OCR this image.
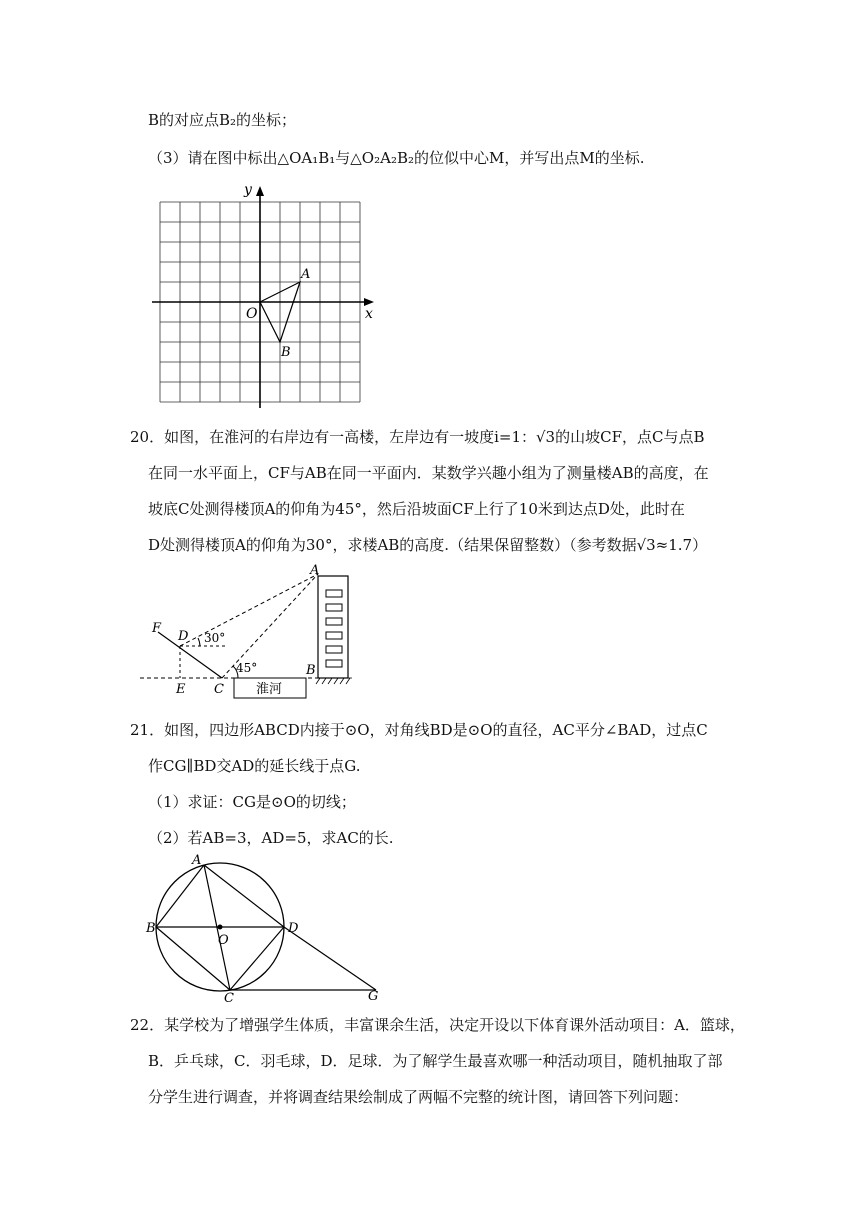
B的对应点B₂的坐标；
（3）请在图中标出△OA₁B₁与△O₂A₂B₂的位似中心M，并写出点M的坐标.
y
x
O
A
B
20．如图，在淮河的右岸边有一高楼，左岸边有一坡度i=1：√3的山坡CF，点C与点B
在同一水平面上，CF与AB在同一平面内．某数学兴趣小组为了测量楼AB的高度，在
坡底C处测得楼顶A的仰角为45°，然后沿坡面CF上行了10米到达点D处，此时在
D处测得楼顶A的仰角为30°，求楼AB的高度.（结果保留整数）（参考数据√3≈1.7）
淮河
F
D
E C
B
A
30°
45°
21．如图，四边形ABCD内接于⊙O，对角线BD是⊙O的直径，AC平分∠BAD，过点C
作CG∥BD交AD的延长线于点G.
（1）求证：CG是⊙O的切线；
（2）若AB=3，AD=5，求AC的长.
A
B
O
D
C	G
22．某学校为了增强学生体质，丰富课余生活，决定开设以下体育课外活动项目：A．篮球，
B．乒乓球，C．羽毛球，D．足球．为了解学生最喜欢哪一种活动项目，随机抽取了部
分学生进行调查，并将调查结果绘制成了两幅不完整的统计图，请回答下列问题：
